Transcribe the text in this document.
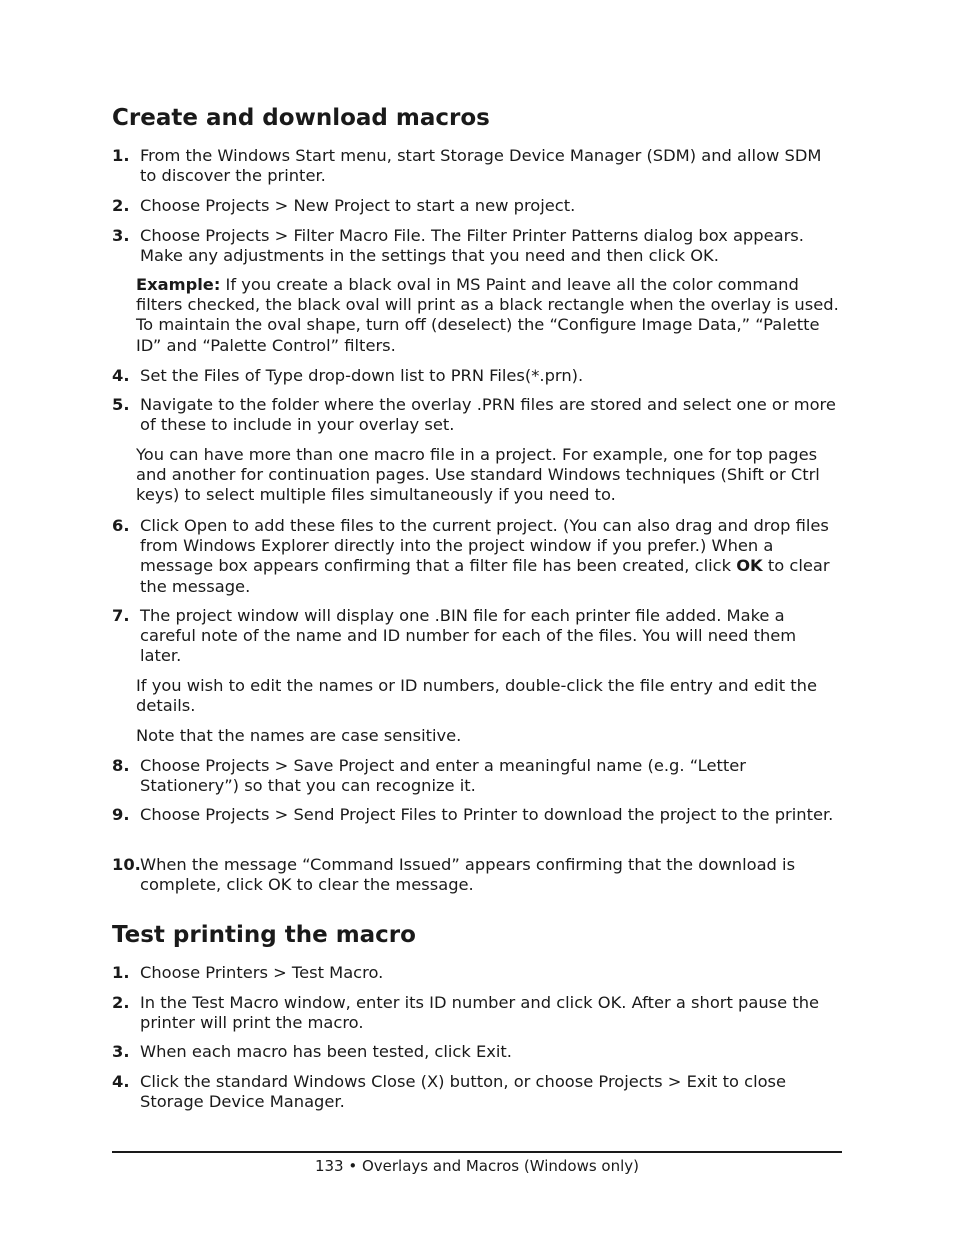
Create and download macros
1. From the Windows Start menu, start Storage Device Manager (SDM) and allow SDM to discover the printer.
2. Choose Projects > New Project to start a new project.
3. Choose Projects > Filter Macro File. The Filter Printer Patterns dialog box appears. Make any adjustments in the settings that you need and then click OK.
Example: If you create a black oval in MS Paint and leave all the color command filters checked, the black oval will print as a black rectangle when the overlay is used. To maintain the oval shape, turn off (deselect) the “Configure Image Data,” “Palette ID” and “Palette Control” filters.
4. Set the Files of Type drop-down list to PRN Files(*.prn).
5. Navigate to the folder where the overlay .PRN files are stored and select one or more of these to include in your overlay set.
You can have more than one macro file in a project. For example, one for top pages and another for continuation pages. Use standard Windows techniques (Shift or Ctrl keys) to select multiple files simultaneously if you need to.
6. Click Open to add these files to the current project. (You can also drag and drop files from Windows Explorer directly into the project window if you prefer.) When a message box appears confirming that a filter file has been created, click OK to clear the message.
7. The project window will display one .BIN file for each printer file added. Make a careful note of the name and ID number for each of the files. You will need them later.
If you wish to edit the names or ID numbers, double-click the file entry and edit the details.
Note that the names are case sensitive.
8. Choose Projects > Save Project and enter a meaningful name (e.g. “Letter Stationery”) so that you can recognize it.
9. Choose Projects > Send Project Files to Printer to download the project to the printer.
10. When the message “Command Issued” appears confirming that the download is complete, click OK to clear the message.
Test printing the macro
1. Choose Printers > Test Macro.
2. In the Test Macro window, enter its ID number and click OK. After a short pause the printer will print the macro.
3. When each macro has been tested, click Exit.
4. Click the standard Windows Close (X) button, or choose Projects > Exit to close Storage Device Manager.
133 • Overlays and Macros (Windows only)
